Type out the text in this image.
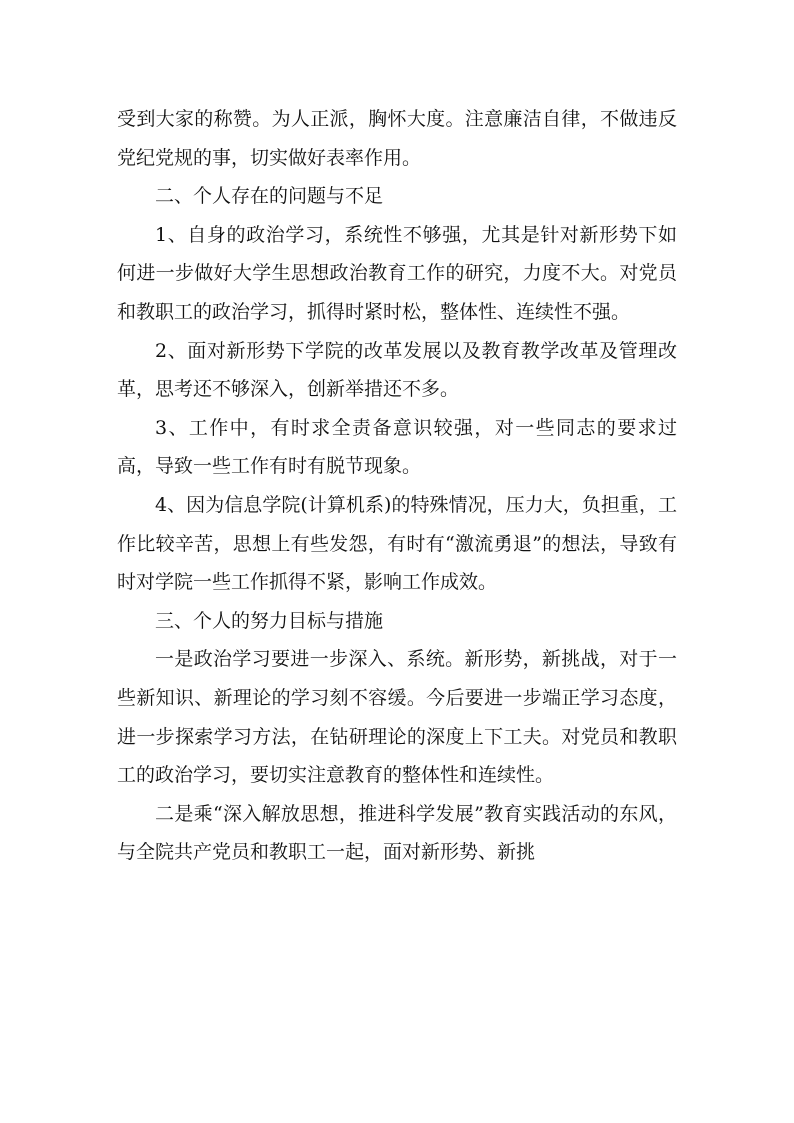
受到大家的称赞。为人正派，胸怀大度。注意廉洁自律，不做违反党纪党规的事，切实做好表率作用。

二、个人存在的问题与不足

1、自身的政治学习，系统性不够强，尤其是针对新形势下如何进一步做好大学生思想政治教育工作的研究，力度不大。对党员和教职工的政治学习，抓得时紧时松，整体性、连续性不强。

2、面对新形势下学院的改革发展以及教育教学改革及管理改革，思考还不够深入，创新举措还不多。

3、工作中，有时求全责备意识较强，对一些同志的要求过高，导致一些工作有时有脱节现象。

4、因为信息学院(计算机系)的特殊情况，压力大，负担重，工作比较辛苦，思想上有些发怨，有时有“激流勇退”的想法，导致有时对学院一些工作抓得不紧，影响工作成效。

三、个人的努力目标与措施

一是政治学习要进一步深入、系统。新形势，新挑战，对于一些新知识、新理论的学习刻不容缓。今后要进一步端正学习态度，进一步探索学习方法，在钻研理论的深度上下工夫。对党员和教职工的政治学习，要切实注意教育的整体性和连续性。

二是乘“深入解放思想，推进科学发展”教育实践活动的东风，与全院共产党员和教职工一起，面对新形势、新挑
